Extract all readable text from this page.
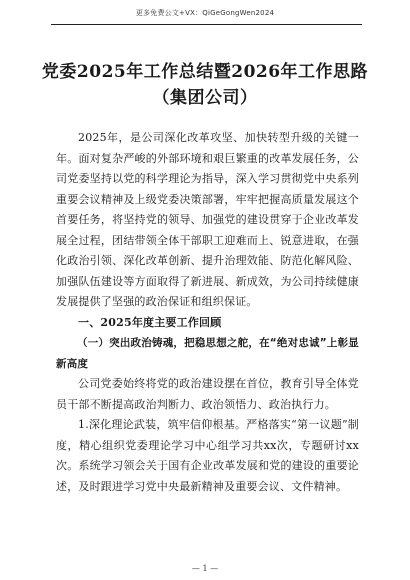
更多免费公文+VX：QiGeGongWen2024
党委2025年工作总结暨2026年工作思路
（集团公司）

2025年，是公司深化改革攻坚、加快转型升级的关键一年。面对复杂严峻的外部环境和艰巨繁重的改革发展任务，公司党委坚持以党的科学理论为指导，深入学习贯彻党中央系列重要会议精神及上级党委决策部署，牢牢把握高质量发展这个首要任务，将坚持党的领导、加强党的建设贯穿于企业改革发展全过程，团结带领全体干部职工迎难而上、锐意进取，在强化政治引领、深化改革创新、提升治理效能、防范化解风险、加强队伍建设等方面取得了新进展、新成效，为公司持续健康发展提供了坚强的政治保证和组织保证。

一、2025年度主要工作回顾

（一）突出政治铸魂，把稳思想之舵，在“绝对忠诚”上彰显新高度

公司党委始终将党的政治建设摆在首位，教育引导全体党员干部不断提高政治判断力、政治领悟力、政治执行力。

1.深化理论武装，筑牢信仰根基。严格落实“第一议题”制度，精心组织党委理论学习中心组学习共xx次，专题研讨xx次。系统学习领会关于国有企业改革发展和党的建设的重要论述，及时跟进学习党中央最新精神及重要会议、文件精神。

— 1 —
